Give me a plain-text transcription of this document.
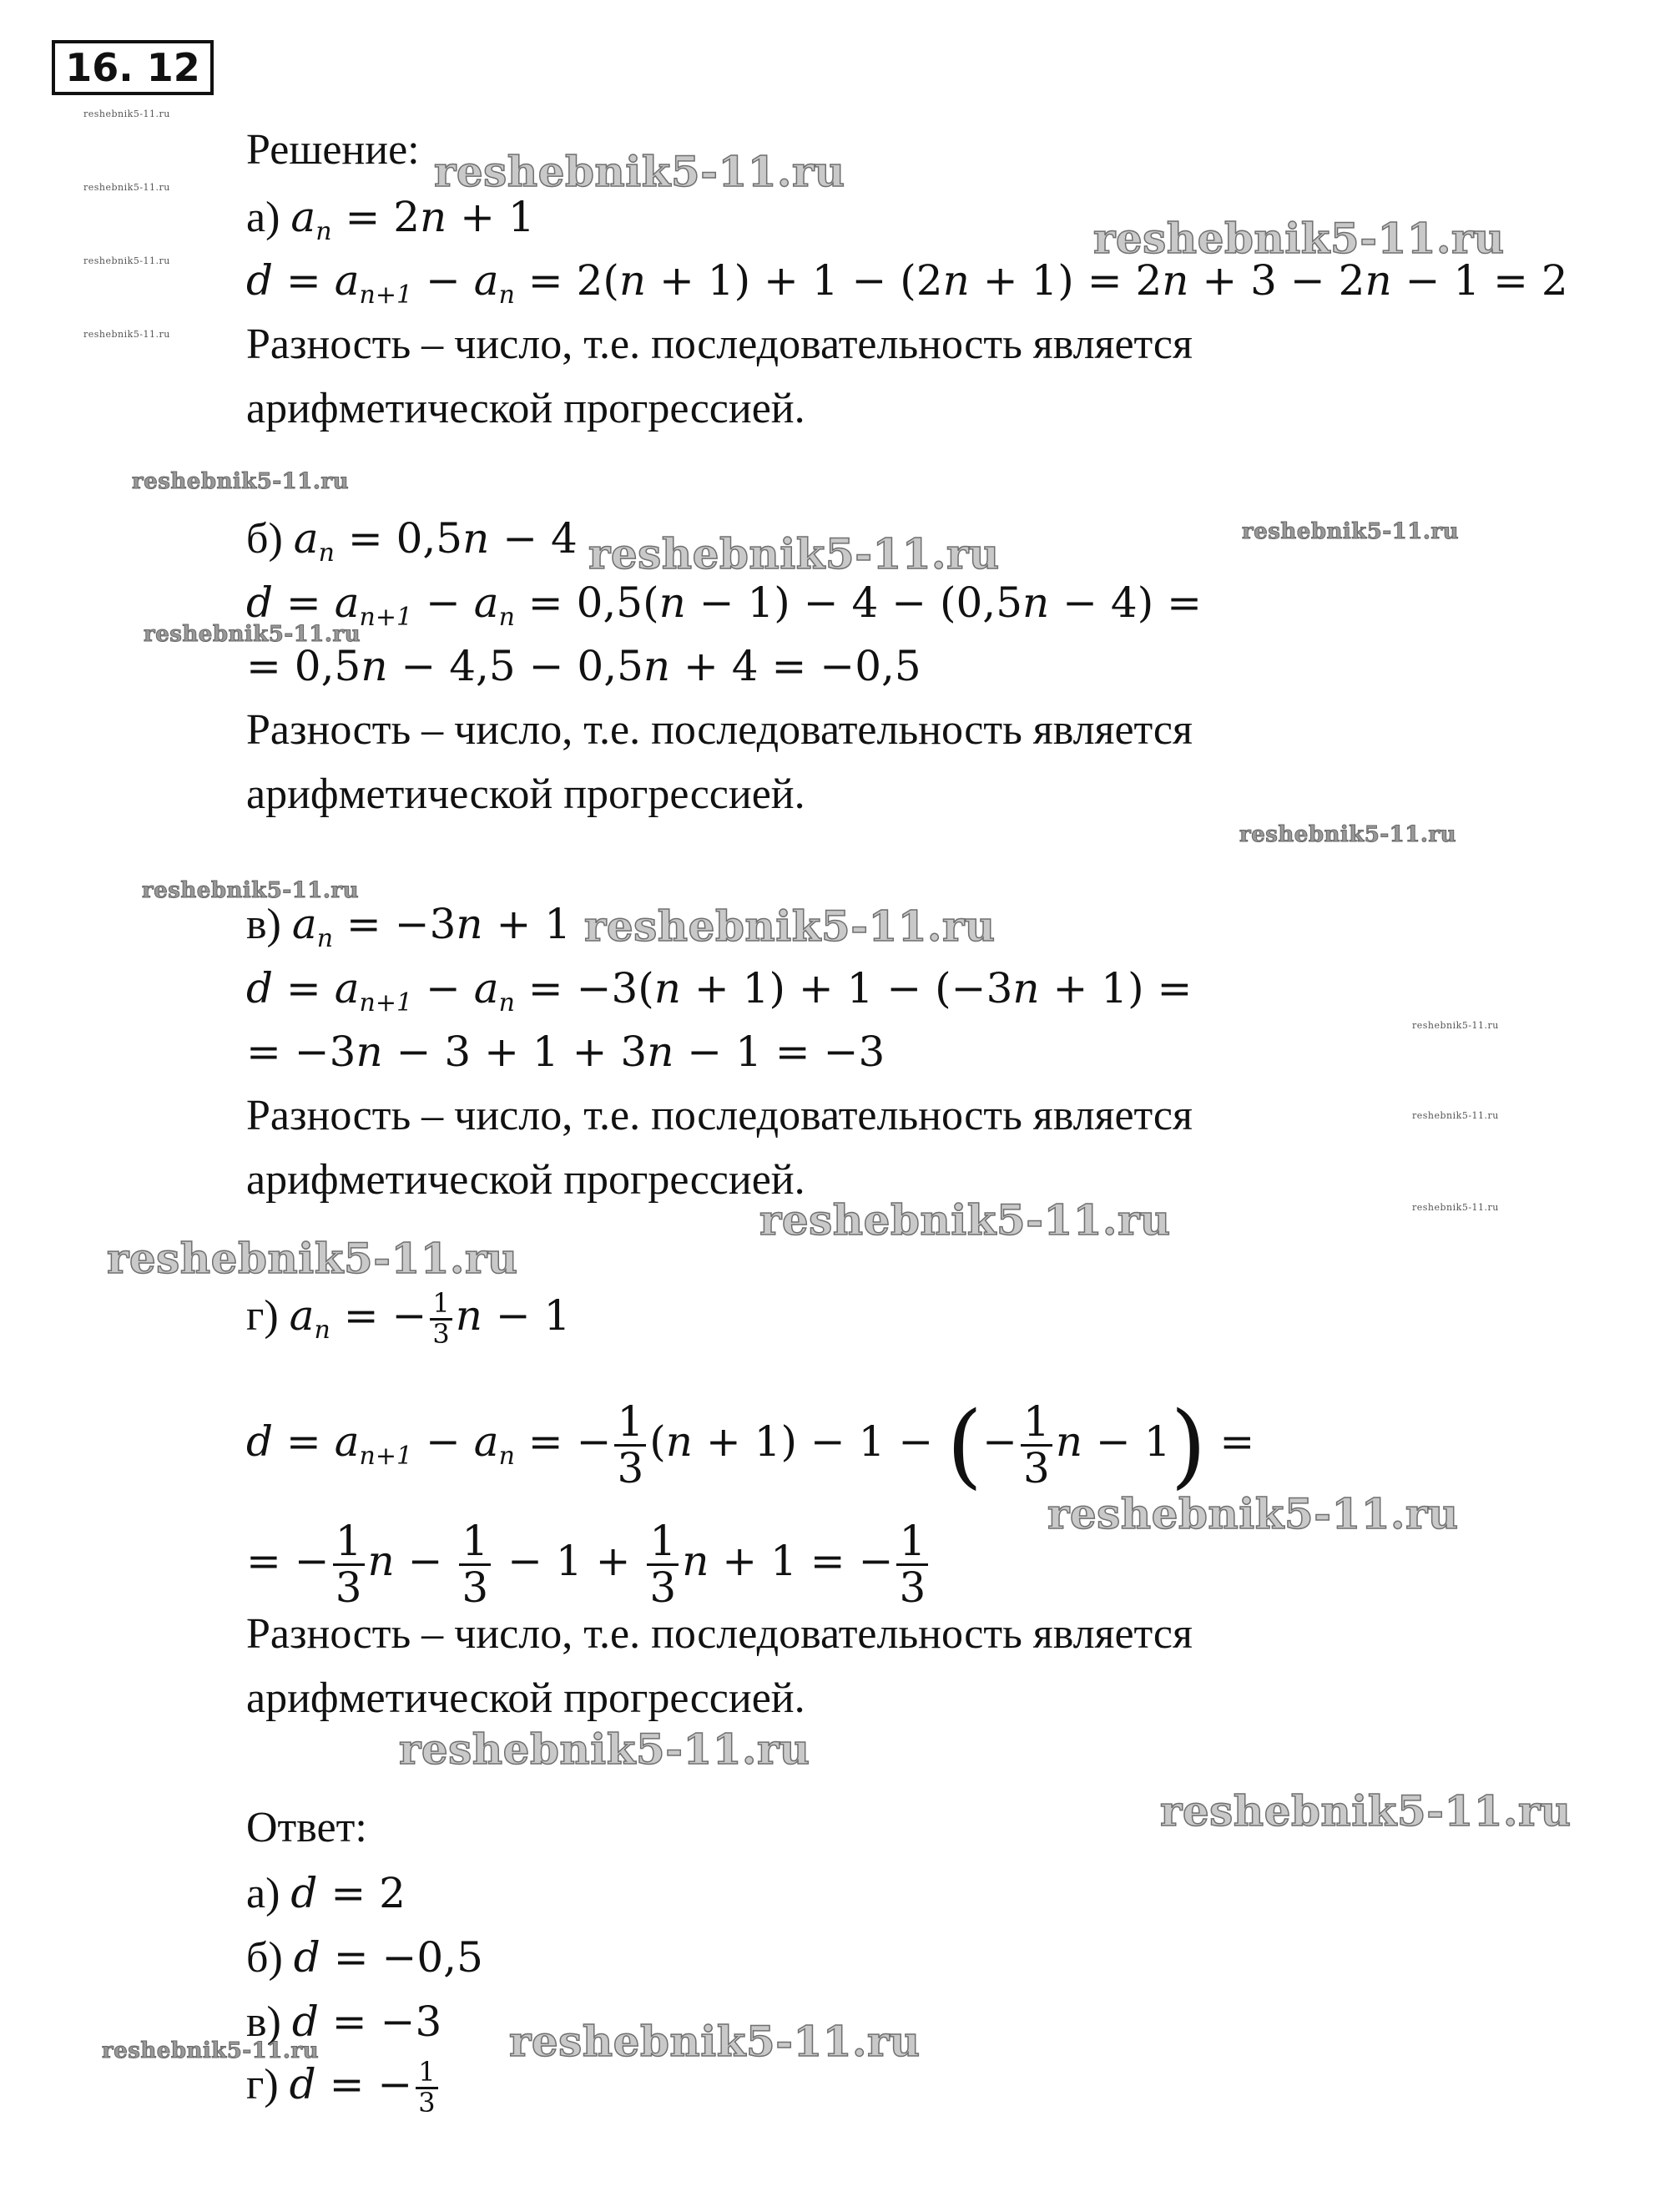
16. 12
Решение:
а) $a_n = 2n + 1$
$d = a_{n+1} - a_n = 2(n + 1) + 1 - (2n + 1) = 2n + 3 - 2n - 1 = 2$
Разность – число, т.е. последовательность является
арифметической прогрессией.
б) $a_n = 0,5n - 4$
$d = a_{n+1} - a_n = 0,5(n - 1) - 4 - (0,5n - 4)$ =
= 0,5n − 4,5 − 0,5n + 4 = −0,5
Разность – число, т.е. последовательность является
арифметической прогрессией.
в) $a_n = -3n + 1$
$d = a_{n+1} - a_n = -3(n + 1) + 1 - (-3n + 1)$ =
= −3n − 3 + 1 + 3n − 1 = −3
Разность – число, т.е. последовательность является
арифметической прогрессией.
г) $a_n$ = − $\frac{1}{3}$ n − 1
$d = a_{n+1} - a_n$ = − $\frac{1}{3} (n + 1) - 1$ − (− $\frac{1}{3}$ n − 1) =
= − $\frac{1}{3}$ $n - \frac{1}{3} - 1 + \frac{1}{3}$ n + 1 = − $\frac{1}{3}$
Разность – число, т.е. последовательность является
арифметической прогрессией.
Ответ:
а) d = 2
б) d = −0,5
в) d = −3
г) d = − $\frac{1}{3}$
reshebnik5-11.ru
reshebnik5-11.ru
reshebnik5-11.ru
reshebnik5-11.ru
reshebnik5-11.ru
reshebnik5-11.ru
reshebnik5-11.ru
reshebnik5-11.ru	reshebnik5-11.ru
reshebnik5-11.ru
reshebnik5-11.ru
reshebnik5-11.ru
reshebnik5-11.ru
reshebnik5-11.ru
reshebnik5-11.ru
reshebnik5-11.ru
reshebnik5-11.ru
reshebnik5-11.ru
reshebnik5-11.ru
reshebnik5-11.ru
reshebnik5-11.ru
reshebnik5-11.ru	reshebnik5-11.ru
